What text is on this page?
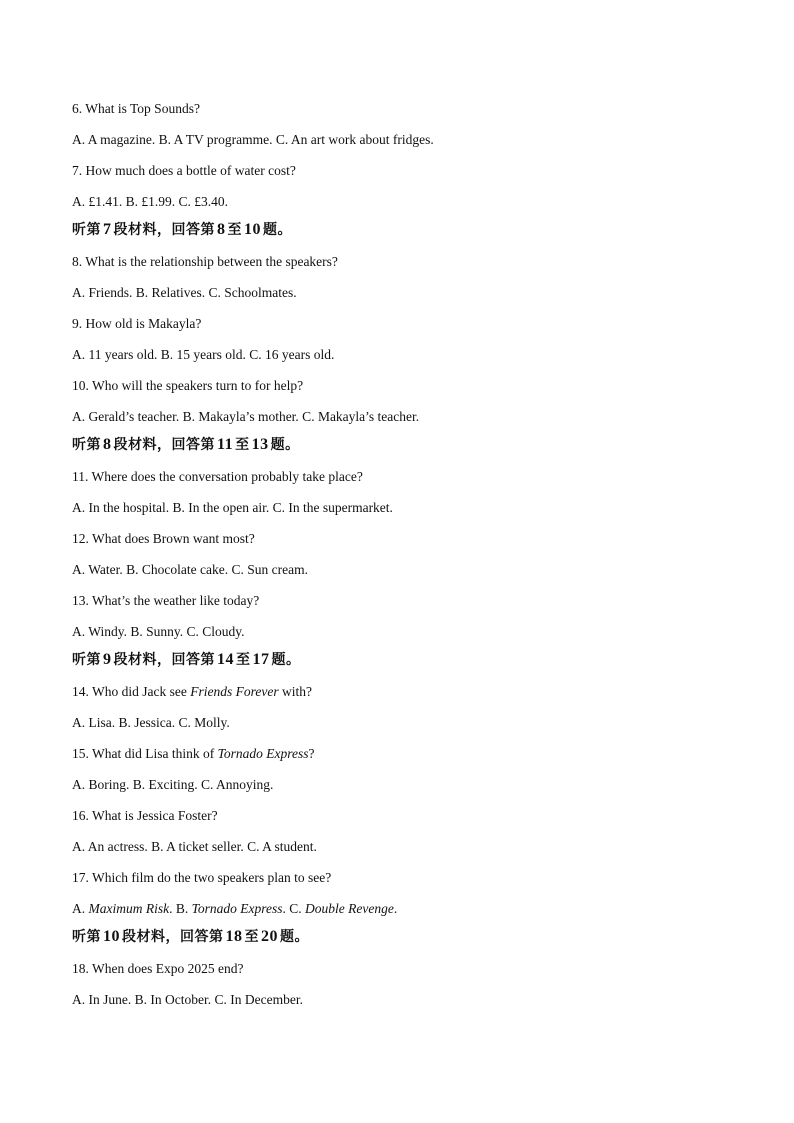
6. What is Top Sounds?
A. A magazine. B. A TV programme. C. An art work about fridges.
7. How much does a bottle of water cost?
A. £1.41. B. £1.99. C. £3.40.
听第 7 段材料，回答第 8 至 10 题。
8. What is the relationship between the speakers?
A. Friends. B. Relatives. C. Schoolmates.
9. How old is Makayla?
A. 11 years old. B. 15 years old. C. 16 years old.
10. Who will the speakers turn to for help?
A. Gerald’s teacher. B. Makayla’s mother. C. Makayla’s teacher.
听第 8 段材料，回答第 11 至 13 题。
11. Where does the conversation probably take place?
A. In the hospital. B. In the open air. C. In the supermarket.
12. What does Brown want most?
A. Water. B. Chocolate cake. C. Sun cream.
13. What’s the weather like today?
A. Windy. B. Sunny. C. Cloudy.
听第 9 段材料，回答第 14 至 17 题。
14. Who did Jack see Friends Forever with?
A. Lisa. B. Jessica. C. Molly.
15. What did Lisa think of Tornado Express?
A. Boring. B. Exciting. C. Annoying.
16. What is Jessica Foster?
A. An actress. B. A ticket seller. C. A student.
17. Which film do the two speakers plan to see?
A. Maximum Risk. B. Tornado Express. C. Double Revenge.
听第 10 段材料，回答第 18 至 20 题。
18. When does Expo 2025 end?
A. In June. B. In October. C. In December.
